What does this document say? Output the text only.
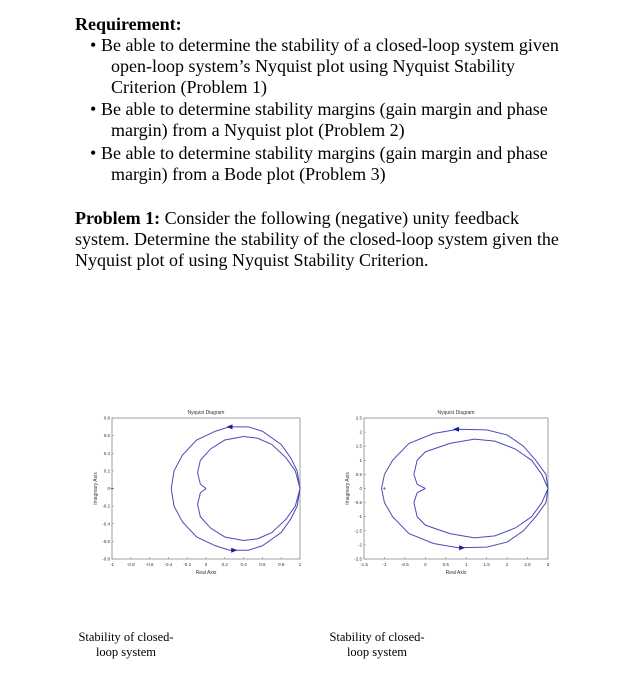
Requirement:
• Be able to determine the stability of a closed-loop system given
open-loop system’s Nyquist plot using Nyquist Stability
Criterion (Problem 1)
• Be able to determine stability margins (gain margin and phase
margin) from a Nyquist plot (Problem 2)
• Be able to determine stability margins (gain margin and phase
margin) from a Bode plot (Problem 3)
Problem 1: Consider the following (negative) unity feedback
system. Determine the stability of the closed-loop system given the
Nyquist plot of using Nyquist Stability Criterion.
-1	-0.8 -0.6 -0.4 -0.2	0	0.2	0.4	0.6	0.8	1
-0.8
-0.6
-0.4
-0.2
0
0.2
0.4
0.6
0.8
Nyquist Diagram
Real Axis
Imaginary Axis +
-1.5	-1	-0.5	0	0.5	1	1.5	2	2.5	3
-2.5
-2
-1.5
-1
-0.5
0
0.5
1
1.5
2
2.5
Nyquist Diagram
Real Axis
Imaginary Axis	+
Stability of closed-
loop system
Stability of closed-
loop system
